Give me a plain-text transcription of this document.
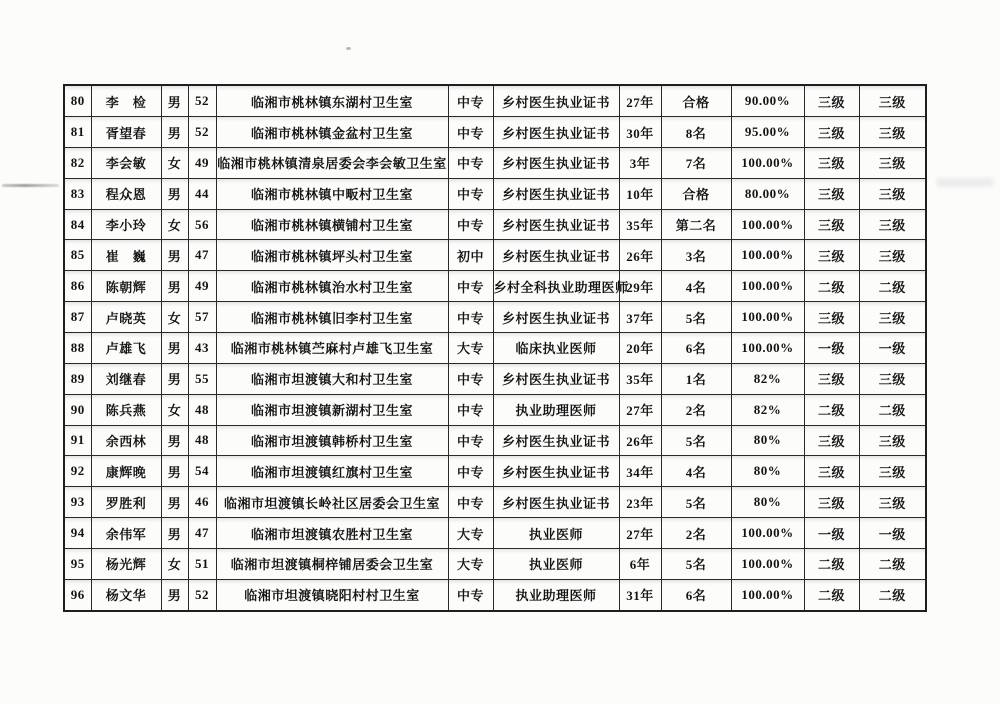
80	李　检	男	52	临湘市桃林镇东湖村卫生室	中专	乡村医生执业证书	27年	合格	90.00%	三级	三级
81	胥望春	男	52	临湘市桃林镇金盆村卫生室	中专	乡村医生执业证书	30年	8名	95.00%	三级	三级
82	李会敏	女	49	临湘市桃林镇清泉居委会李会敏卫生室	中专	乡村医生执业证书	3年	7名	100.00%	三级	三级
83	程众恩	男	44	临湘市桃林镇中畈村卫生室	中专	乡村医生执业证书	10年	合格	80.00%	三级	三级
84	李小玲	女	56	临湘市桃林镇横铺村卫生室	中专	乡村医生执业证书	35年	第二名	100.00%	三级	三级
85	崔　巍	男	47	临湘市桃林镇坪头村卫生室	初中	乡村医生执业证书	26年	3名	100.00%	三级	三级
86	陈朝辉	男	49	临湘市桃林镇治水村卫生室	中专	乡村全科执业助理医师	29年	4名	100.00%	二级	二级
87	卢晓英	女	57	临湘市桃林镇旧李村卫生室	中专	乡村医生执业证书	37年	5名	100.00%	三级	三级
88	卢雄飞	男	43	临湘市桃林镇苎麻村卢雄飞卫生室	大专	临床执业医师	20年	6名	100.00%	一级	一级
89	刘继春	男	55	临湘市坦渡镇大和村卫生室	中专	乡村医生执业证书	35年	1名	82%	三级	三级
90	陈兵燕	女	48	临湘市坦渡镇新湖村卫生室	中专	执业助理医师	27年	2名	82%	二级	二级
91	余西林	男	48	临湘市坦渡镇韩桥村卫生室	中专	乡村医生执业证书	26年	5名	80%	三级	三级
92	康辉晚	男	54	临湘市坦渡镇红旗村卫生室	中专	乡村医生执业证书	34年	4名	80%	三级	三级
93	罗胜利	男	46	临湘市坦渡镇长岭社区居委会卫生室	中专	乡村医生执业证书	23年	5名	80%	三级	三级
94	余伟军	男	47	临湘市坦渡镇农胜村卫生室	大专	执业医师	27年	2名	100.00%	一级	一级
95	杨光辉	女	51	临湘市坦渡镇桐梓铺居委会卫生室	大专	执业医师	6年	5名	100.00%	二级	二级
96	杨文华	男	52	临湘市坦渡镇晓阳村村卫生室	中专	执业助理医师	31年	6名	100.00%	二级	二级
